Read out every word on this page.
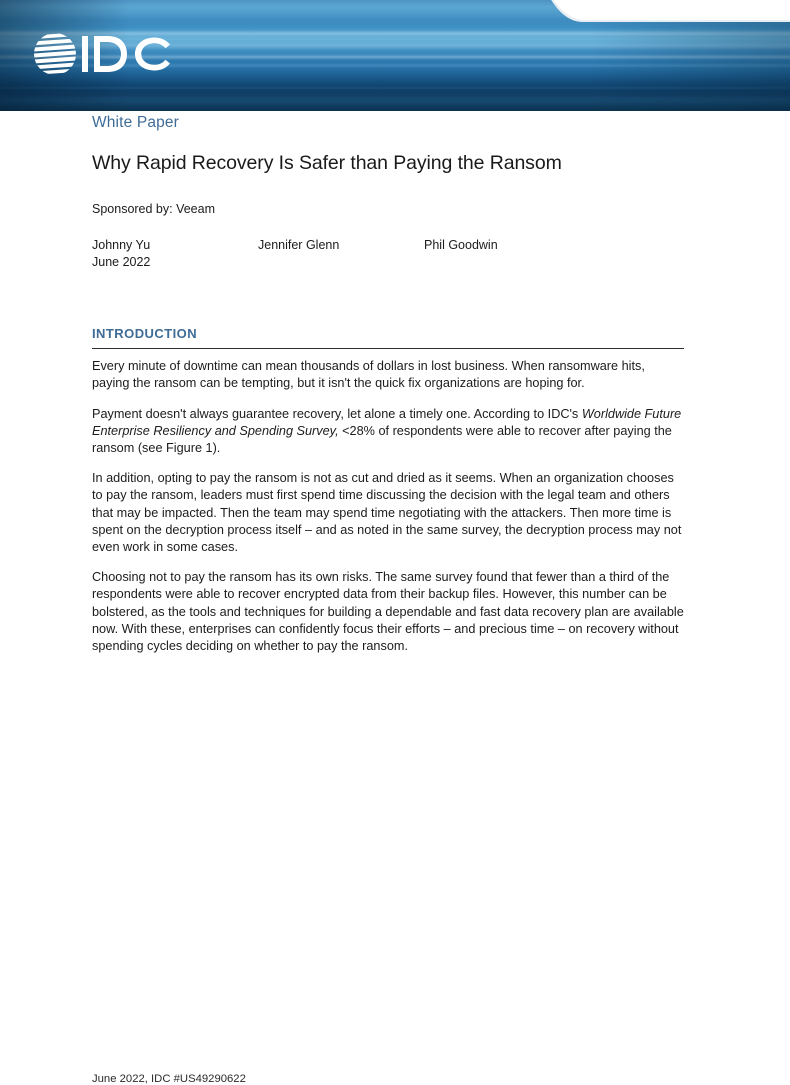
White Paper
Why Rapid Recovery Is Safer than Paying the Ransom
Sponsored by: Veeam
Johnny Yu
June 2022
Jennifer Glenn	Phil Goodwin
INTRODUCTION

Every minute of downtime can mean thousands of dollars in lost business. When ransomware hits, paying the ransom can be tempting, but it isn't the quick fix organizations are hoping for.

Payment doesn't always guarantee recovery, let alone a timely one. According to IDC's Worldwide Future Enterprise Resiliency and Spending Survey, <28% of respondents were able to recover after paying the ransom (see Figure 1).

In addition, opting to pay the ransom is not as cut and dried as it seems. When an organization chooses to pay the ransom, leaders must first spend time discussing the decision with the legal team and others that may be impacted. Then the team may spend time negotiating with the attackers. Then more time is spent on the decryption process itself – and as noted in the same survey, the decryption process may not even work in some cases.

Choosing not to pay the ransom has its own risks. The same survey found that fewer than a third of the respondents were able to recover encrypted data from their backup files. However, this number can be bolstered, as the tools and techniques for building a dependable and fast data recovery plan are available now. With these, enterprises can confidently focus their efforts – and precious time – on recovery without spending cycles deciding on whether to pay the ransom.

June 2022, IDC #US49290622
